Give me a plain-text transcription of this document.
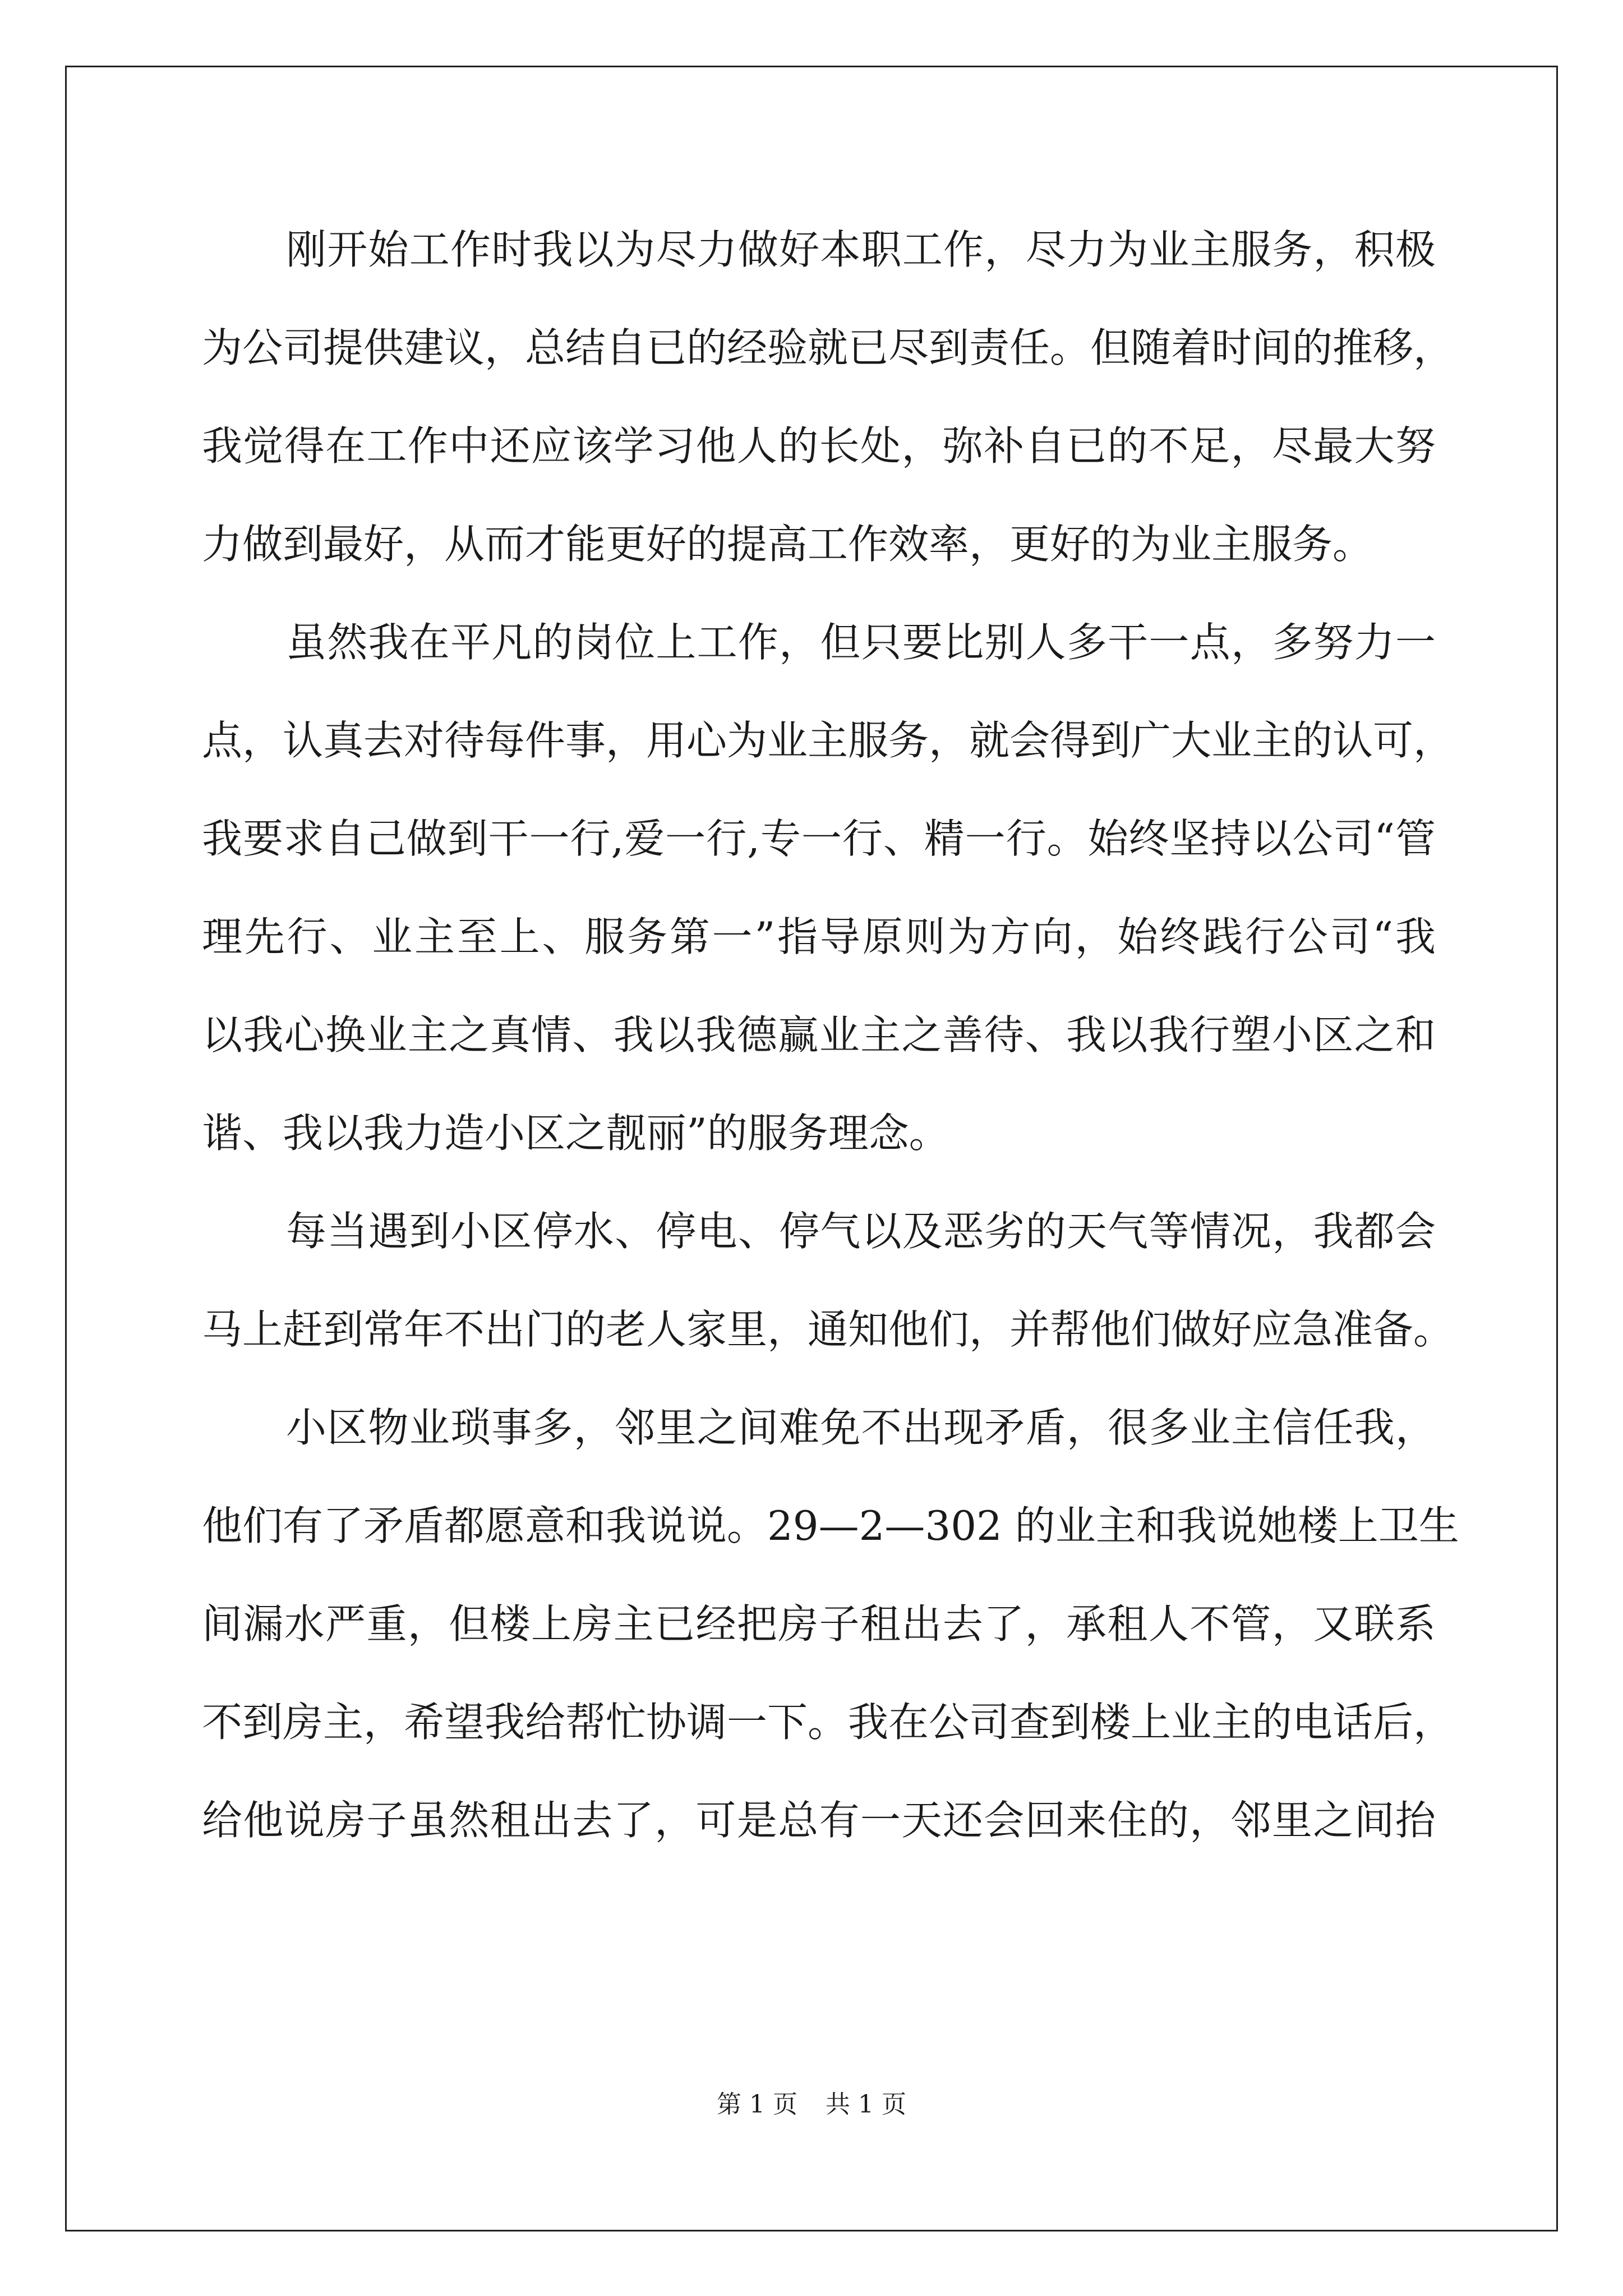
刚开始工作时我以为尽力做好本职工作，尽力为业主服务，积极
为公司提供建议，总结自已的经验就已尽到责任。但随着时间的推移，
我觉得在工作中还应该学习他人的长处，弥补自已的不足，尽最大努
力做到最好，从而才能更好的提高工作效率，更好的为业主服务。
虽然我在平凡的岗位上工作，但只要比别人多干一点，多努力一
点，认真去对待每件事，用心为业主服务，就会得到广大业主的认可，
我要求自己做到干一行,爱一行,专一行、精一行。始终坚持以公司“管
理先行、业主至上、服务第一”指导原则为方向，始终践行公司“我
以我心换业主之真情、我以我德赢业主之善待、我以我行塑小区之和
谐、我以我力造小区之靓丽”的服务理念。
每当遇到小区停水、停电、停气以及恶劣的天气等情况，我都会
马上赶到常年不出门的老人家里，通知他们，并帮他们做好应急准备。
小区物业琐事多，邻里之间难免不出现矛盾，很多业主信任我，
他们有了矛盾都愿意和我说说。29—2—302 的业主和我说她楼上卫生
间漏水严重，但楼上房主已经把房子租出去了，承租人不管，又联系
不到房主，希望我给帮忙协调一下。我在公司查到楼上业主的电话后，
给他说房子虽然租出去了，可是总有一天还会回来住的，邻里之间抬
第 1 页 共 1 页
